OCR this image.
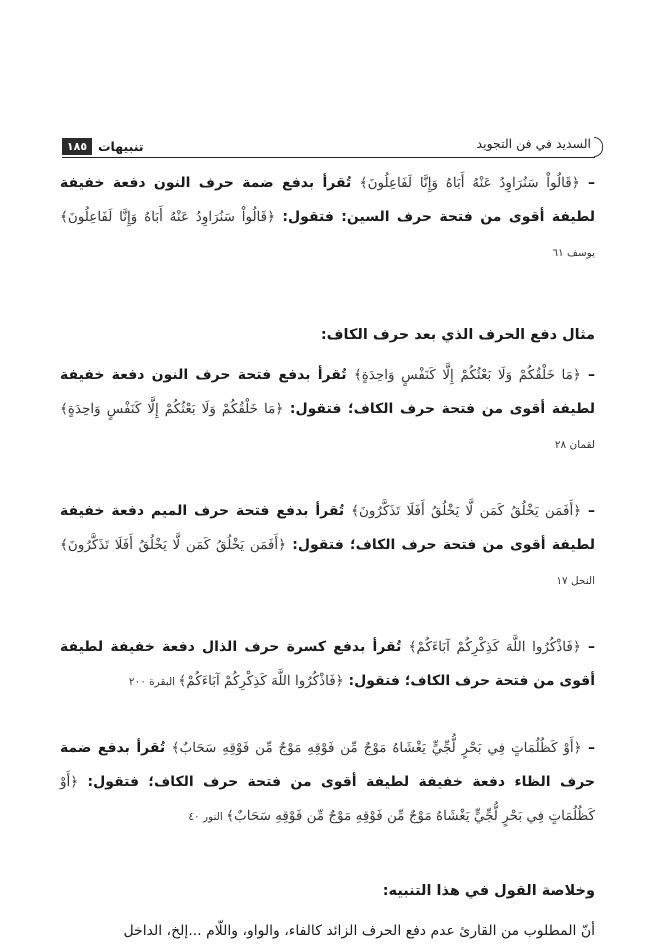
السديد في فن التجويد
تنبيهات
١٨٥

– ﴿قَالُواْ سَنُرَاوِدُ عَنْهُ أَبَاهُ وَإِنَّا لَفَاعِلُونَ﴾ تُقرأ بدفع ضمة حرف النون دفعة خفيفة لطيفة أقوى من فتحة حرف السين: فتقول: ﴿قَالُواْ سَنُرَاوِدُ عَنْهُ أَبَاهُ وَإِنَّا لَفَاعِلُونَ﴾ يوسف ٦١

مثال دفع الحرف الذي بعد حرف الكاف:

– ﴿مَا خَلْقُكُمْ وَلَا بَعْثُكُمْ إِلَّا كَنَفْسٍ وَاحِدَةٍ﴾ تُقرأ بدفع فتحة حرف النون دفعة خفيفة لطيفة أقوى من فتحة حرف الكاف؛ فتقول: ﴿مَا خَلْقُكُمْ وَلَا بَعْثُكُمْ إِلَّا كَنَفْسٍ وَاحِدَةٍ﴾ لقمان ٢٨

– ﴿أَفَمَن يَخْلُقُ كَمَن لَّا يَخْلُقُ أَفَلَا تَذَكَّرُونَ﴾ تُقرأ بدفع فتحة حرف الميم دفعة خفيفة لطيفة أقوى من فتحة حرف الكاف؛ فتقول: ﴿أَفَمَن يَخْلُقُ كَمَن لَّا يَخْلُقُ أَفَلَا تَذَكَّرُونَ﴾ النحل ١٧

– ﴿فَاذْكُرُوا اللَّهَ كَذِكْرِكُمْ آبَاءَكُمْ﴾ تُقرأ بدفع كسرة حرف الذال دفعة خفيفة لطيفة أقوى من فتحة حرف الكاف؛ فتقول: ﴿فَاذْكُرُوا اللَّهَ كَذِكْرِكُمْ آبَاءَكُمْ﴾ البقرة ٢٠٠

– ﴿أَوْ كَظُلُمَاتٍ فِي بَحْرٍ لُّجِّيٍّ يَغْشَاهُ مَوْجٌ مِّن فَوْقِهِ مَوْجٌ مِّن فَوْقِهِ سَحَابٌ﴾ تُقرأ بدفع ضمة حرف الظاء دفعة خفيفة لطيفة أقوى من فتحة حرف الكاف؛ فتقول: ﴿أَوْ كَظُلُمَاتٍ فِي بَحْرٍ لُّجِّيٍّ يَغْشَاهُ مَوْجٌ مِّن فَوْقِهِ مَوْجٌ مِّن فَوْقِهِ سَحَابٌ﴾ النور ٤٠

وخلاصة القول في هذا التنبيه:

أنّ المطلوب من القارئ عدم دفع الحرف الزائد كالفاء، والواو، واللّام ...إلخ، الداخل
